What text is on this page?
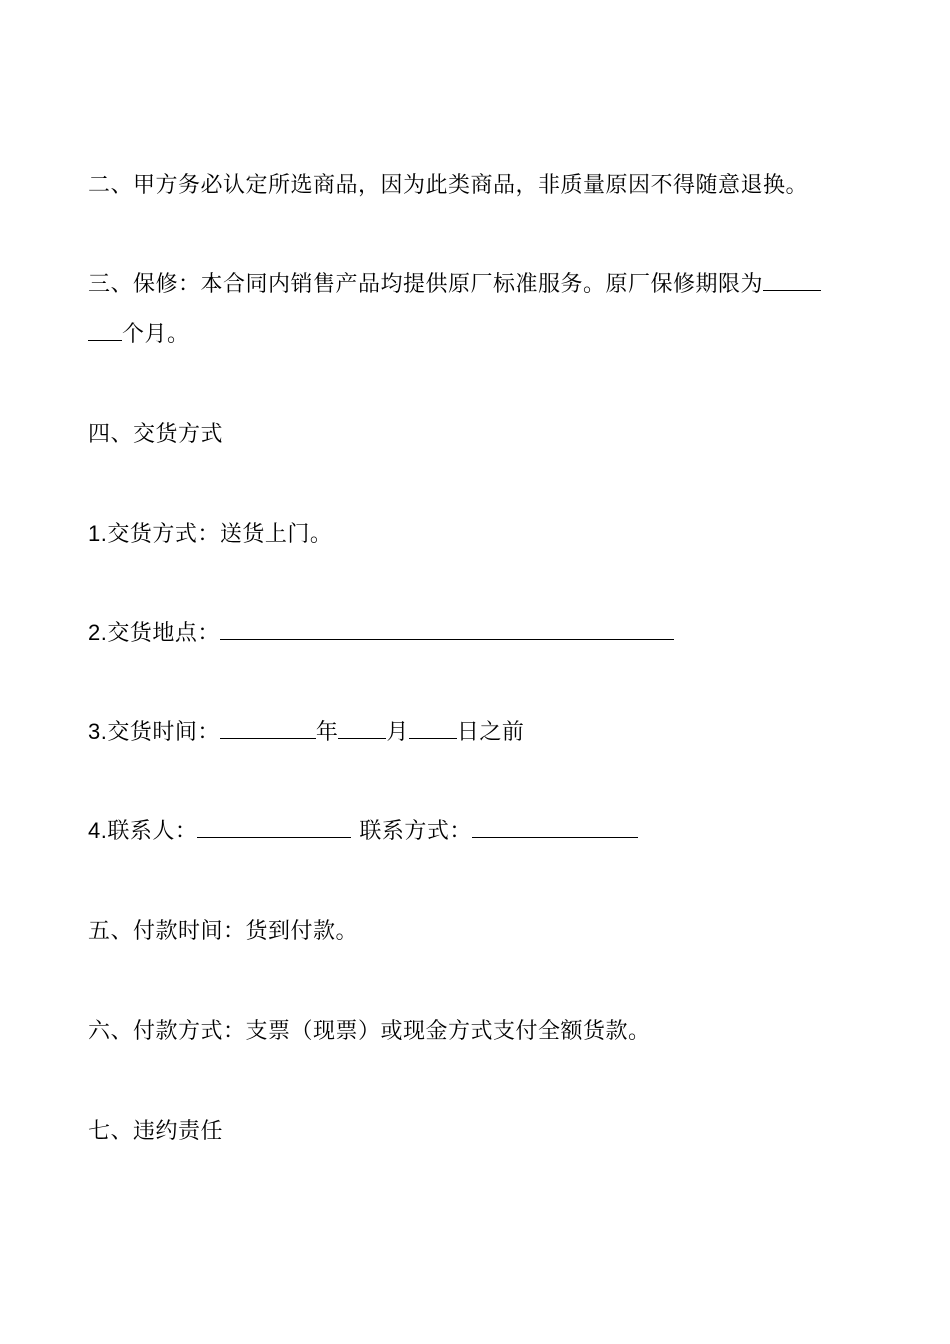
二、甲方务必认定所选商品，因为此类商品，非质量原因不得随意退换。
三、保修：本合同内销售产品均提供原厂标准服务。原厂保修期限为
个月。
四、交货方式
1.交货方式：送货上门。
2.交货地点：
3.交货时间：	年 月 日之前
4.联系人：	联系方式：
五、付款时间：货到付款。
六、付款方式：支票（现票）或现金方式支付全额货款。
七、违约责任
